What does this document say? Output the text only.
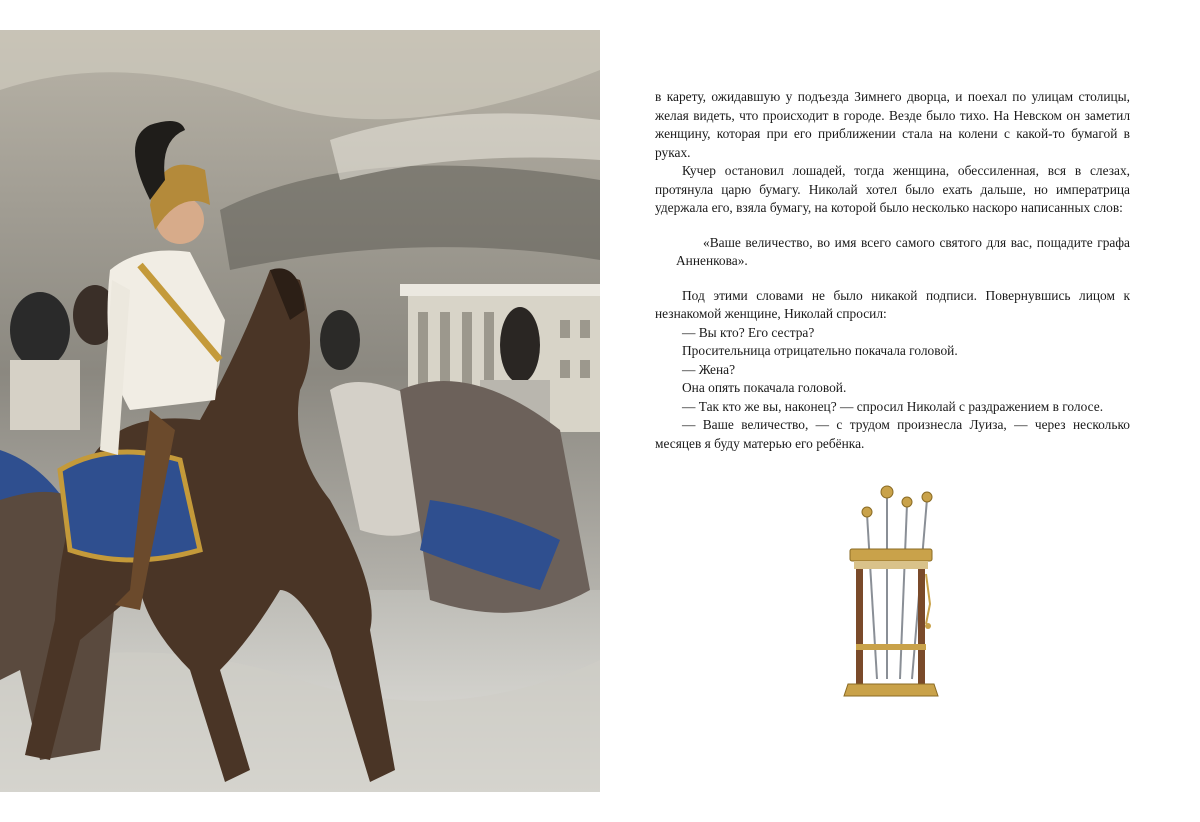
в карету, ожидавшую у подъезда Зимнего дворца, и поехал по улицам столицы, желая видеть, что происходит в городе. Везде было тихо. На Невском он заметил женщину, которая при его приближении стала на колени с какой-то бумагой в руках.

Кучер остановил лошадей, тогда женщина, обессиленная, вся в слезах, протянула царю бумагу. Николай хотел было ехать дальше, но императрица удержала его, взяла бумагу, на которой было несколько наскоро написанных слов:

«Ваше величество, во имя всего самого святого для вас, пощадите графа Анненкова».

Под этими словами не было никакой подписи. Повернувшись лицом к незнакомой женщине, Николай спросил:

— Вы кто? Его сестра?

Просительница отрицательно покачала головой.

— Жена?

Она опять покачала головой.

— Так кто же вы, наконец? — спросил Николай с раздражением в голосе.

— Ваше величество, — с трудом произнесла Луиза, — через несколько месяцев я буду матерью его ребёнка.
